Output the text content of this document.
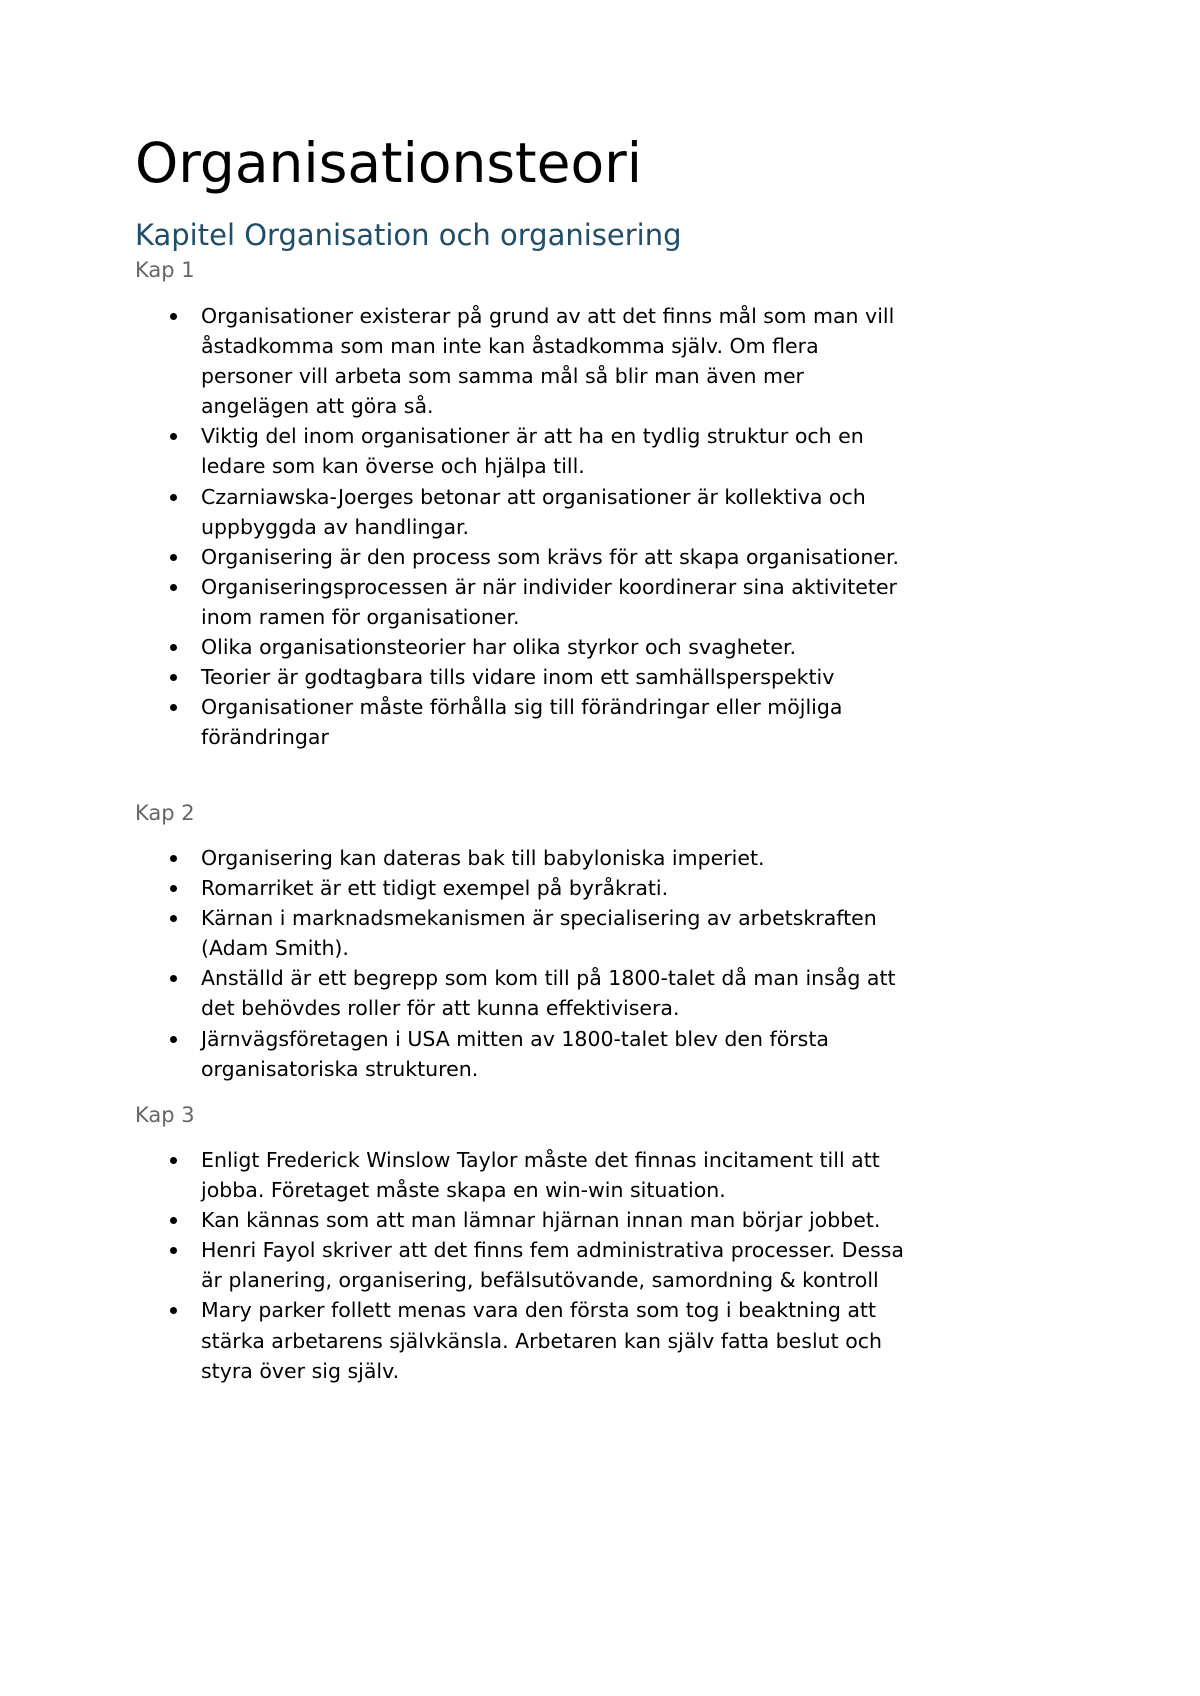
Organisationsteori
Kapitel Organisation och organisering
Kap 1
Organisationer existerar på grund av att det finns mål som man vill
åstadkomma som man inte kan åstadkomma själv. Om flera
personer vill arbeta som samma mål så blir man även mer
angelägen att göra så.
Viktig del inom organisationer är att ha en tydlig struktur och en
ledare som kan överse och hjälpa till.
Czarniawska-Joerges betonar att organisationer är kollektiva och
uppbyggda av handlingar.
Organisering är den process som krävs för att skapa organisationer.
Organiseringsprocessen är när individer koordinerar sina aktiviteter
inom ramen för organisationer.
Olika organisationsteorier har olika styrkor och svagheter.
Teorier är godtagbara tills vidare inom ett samhällsperspektiv
Organisationer måste förhålla sig till förändringar eller möjliga
förändringar
Kap 2
Organisering kan dateras bak till babyloniska imperiet.
Romarriket är ett tidigt exempel på byråkrati.
Kärnan i marknadsmekanismen är specialisering av arbetskraften
(Adam Smith).
Anställd är ett begrepp som kom till på 1800-talet då man insåg att
det behövdes roller för att kunna effektivisera.
Järnvägsföretagen i USA mitten av 1800-talet blev den första
organisatoriska strukturen.
Kap 3
Enligt Frederick Winslow Taylor måste det finnas incitament till att
jobba. Företaget måste skapa en win-win situation.
Kan kännas som att man lämnar hjärnan innan man börjar jobbet.
Henri Fayol skriver att det finns fem administrativa processer. Dessa
är planering, organisering, befälsutövande, samordning & kontroll
Mary parker follett menas vara den första som tog i beaktning att
stärka arbetarens självkänsla. Arbetaren kan själv fatta beslut och
styra över sig själv.
